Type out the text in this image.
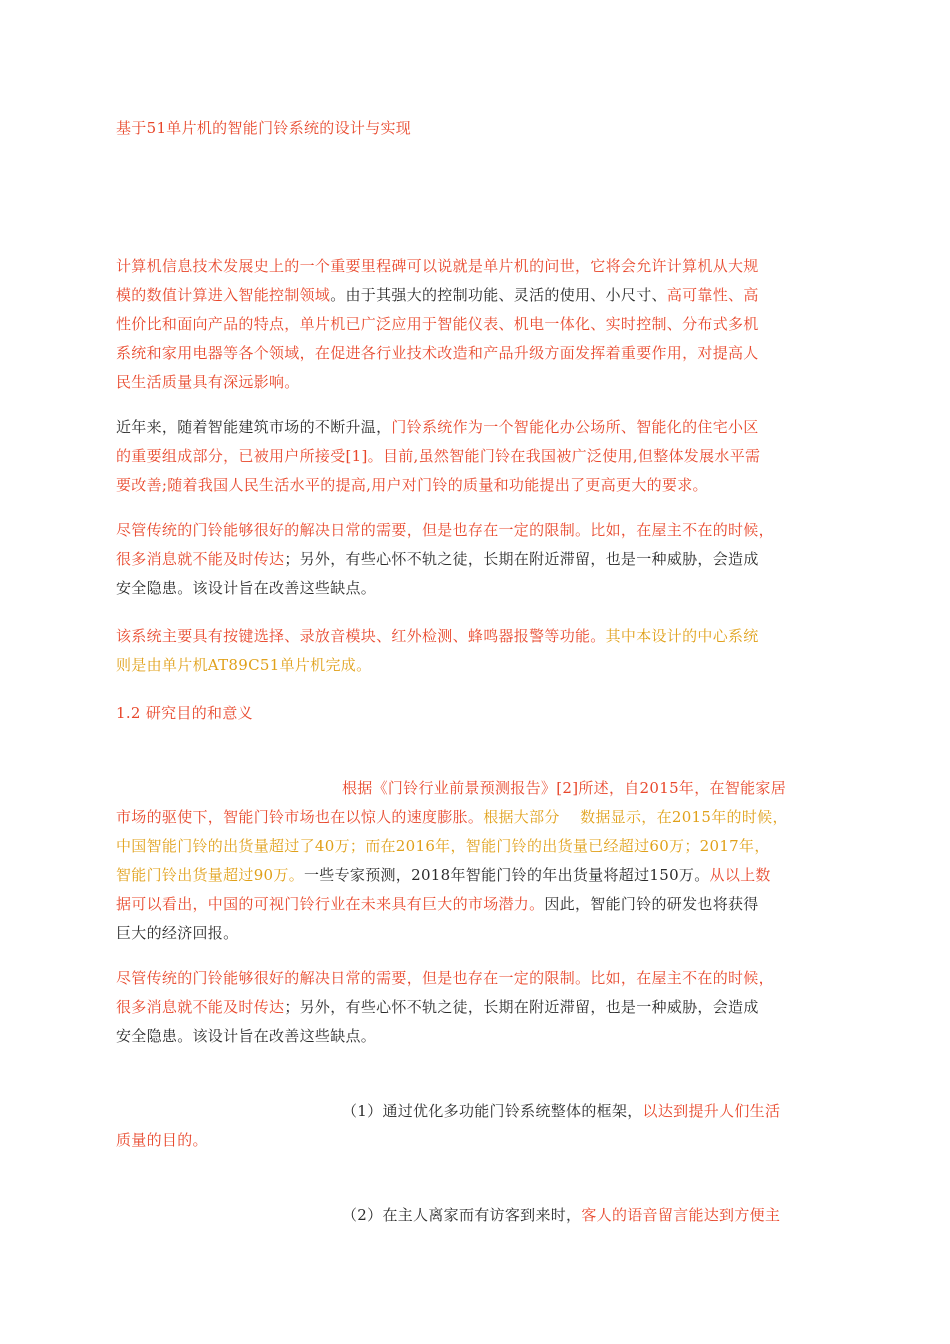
基于51单片机的智能门铃系统的设计与实现
计算机信息技术发展史上的一个重要里程碑可以说就是单片机的问世，它将会允许计算机从大规
模的数值计算进入智能控制领域。由于其强大的控制功能、灵活的使用、小尺寸、高可靠性、高
性价比和面向产品的特点，单片机已广泛应用于智能仪表、机电一体化、实时控制、分布式多机
系统和家用电器等各个领域，在促进各行业技术改造和产品升级方面发挥着重要作用，对提高人
民生活质量具有深远影响。
近年来，随着智能建筑市场的不断升温，门铃系统作为一个智能化办公场所、智能化的住宅小区
的重要组成部分，已被用户所接受[1]。目前,虽然智能门铃在我国被广泛使用,但整体发展水平需
要改善;随着我国人民生活水平的提高,用户对门铃的质量和功能提出了更高更大的要求。
尽管传统的门铃能够很好的解决日常的需要，但是也存在一定的限制。比如，在屋主不在的时候，
很多消息就不能及时传达；另外，有些心怀不轨之徒，长期在附近滞留，也是一种威胁，会造成
安全隐患。该设计旨在改善这些缺点。
该系统主要具有按键选择、录放音模块、红外检测、蜂鸣器报警等功能。其中本设计的中心系统
则是由单片机AT89C51单片机完成。
1.2 研究目的和意义
根据《门铃行业前景预测报告》[2]所述，自2015年，在智能家居
市场的驱使下，智能门铃市场也在以惊人的速度膨胀。根据大部分　 数据显示，在2015年的时候，
中国智能门铃的出货量超过了40万；而在2016年，智能门铃的出货量已经超过60万；2017年，
智能门铃出货量超过90万。一些专家预测，2018年智能门铃的年出货量将超过150万。从以上数
据可以看出，中国的可视门铃行业在未来具有巨大的市场潜力。因此，智能门铃的研发也将获得
巨大的经济回报。
尽管传统的门铃能够很好的解决日常的需要，但是也存在一定的限制。比如，在屋主不在的时候，
很多消息就不能及时传达；另外，有些心怀不轨之徒，长期在附近滞留，也是一种威胁，会造成
安全隐患。该设计旨在改善这些缺点。
（1）通过优化多功能门铃系统整体的框架，以达到提升人们生活
质量的目的。
（2）在主人离家而有访客到来时，客人的语音留言能达到方便主
